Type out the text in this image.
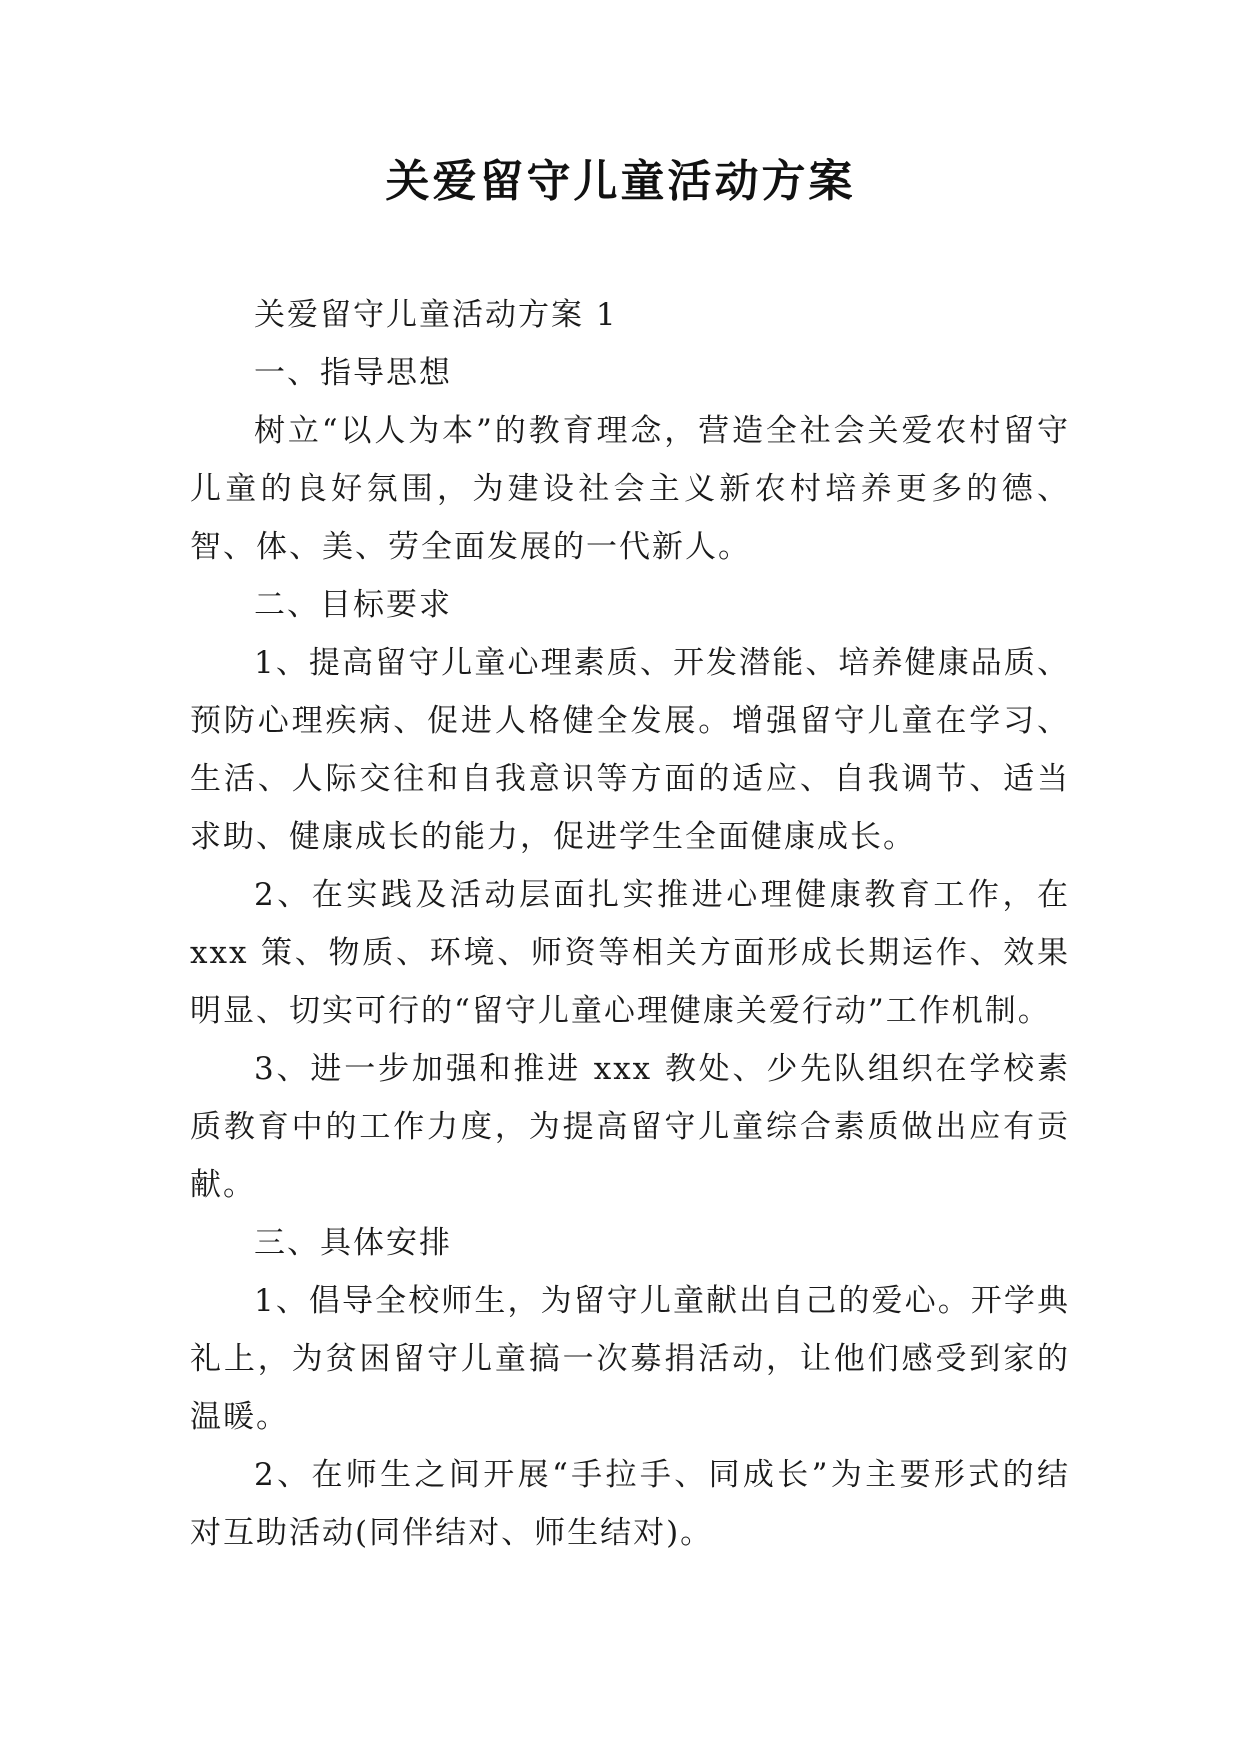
关爱留守儿童活动方案

关爱留守儿童活动方案 1

一、指导思想

树立“以人为本”的教育理念，营造全社会关爱农村留守儿童的良好氛围，为建设社会主义新农村培养更多的德、智、体、美、劳全面发展的一代新人。

二、目标要求

1、提高留守儿童心理素质、开发潜能、培养健康品质、预防心理疾病、促进人格健全发展。增强留守儿童在学习、生活、人际交往和自我意识等方面的适应、自我调节、适当求助、健康成长的能力，促进学生全面健康成长。

2、在实践及活动层面扎实推进心理健康教育工作，在 xxx 策、物质、环境、师资等相关方面形成长期运作、效果明显、切实可行的“留守儿童心理健康关爱行动”工作机制。

3、进一步加强和推进 xxx 教处、少先队组织在学校素质教育中的工作力度，为提高留守儿童综合素质做出应有贡献。

三、具体安排

1、倡导全校师生，为留守儿童献出自己的爱心。开学典礼上，为贫困留守儿童搞一次募捐活动，让他们感受到家的温暖。

2、在师生之间开展“手拉手、同成长”为主要形式的结对互助活动(同伴结对、师生结对)。
